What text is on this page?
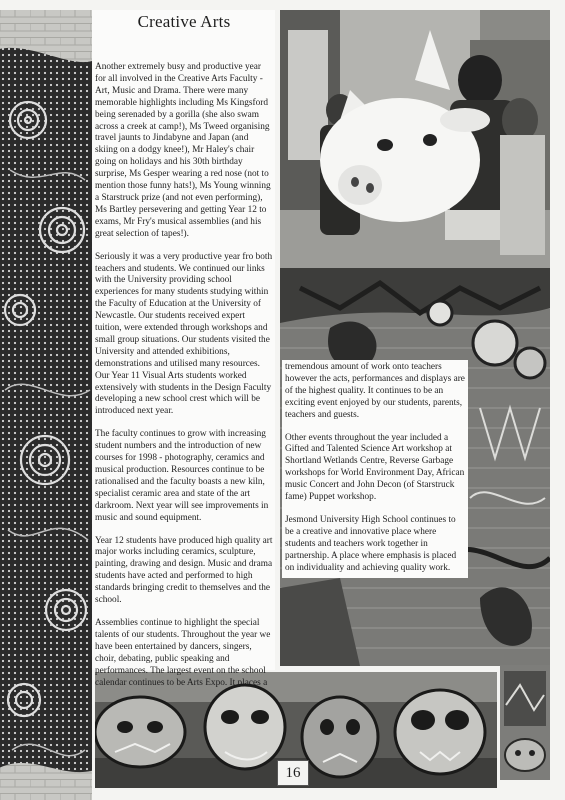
Creative Arts

Another extremely busy and productive year for all involved in the Creative Arts Faculty - Art, Music and Drama. There were many memorable highlights including Ms Kingsford being serenaded by a gorilla (she also swam across a creek at camp!), Ms Tweed organising travel jaunts to Jindabyne and Japan (and skiing on a dodgy knee!), Mr Haley's chair going on holidays and his 30th birthday surprise, Ms Gesper wearing a red nose (not to mention those funny hats!), Ms Young winning a Starstruck prize (and not even performing), Ms Bartley persevering and getting Year 12 to exams, Mr Fry's musical assemblies (and his great selection of tapes!).

Seriously it was a very productive year fro both teachers and students. We continued our links with the University providing school experiences for many students studying within the Faculty of Education at the University of Newcastle. Our students received expert tuition, were extended through workshops and small group situations. Our students visited the University and attended exhibitions, demonstrations and utilised many resources. Our Year 11 Visual Arts students worked extensively with students in the Design Faculty developing a new school crest which will be introduced next year.

The faculty continues to grow with increasing student numbers and the introduction of new courses for 1998 - photography, ceramics and musical production. Resources continue to be rationalised and the faculty boasts a new kiln, specialist ceramic area and state of the art darkroom. Next year will see improvements in music and sound equipment.

Year 12 students have produced high quality art major works including ceramics, sculpture, painting, drawing and design. Music and drama students have acted and performed to high standards bringing credit to themselves and the school.

Assemblies continue to highlight the special talents of our students. Throughout the year we have been entertained by dancers, singers, choir, debating, public speaking and performances. The largest event on the school calendar continues to be Arts Expo. It places a

tremendous amount of work onto teachers however the acts, performances and displays are of the highest quality. It continues to be an exciting event enjoyed by our students, parents, teachers and guests.

Other events throughout the year included a Gifted and Talented Science Art workshop at Shortland Wetlands Centre, Reverse Garbage workshops for World Environment Day, African music Concert and John Decon (of Starstruck fame) Puppet workshop.

Jesmond University High School continues to be a creative and innovative place where students and teachers work together in partnership. A place where emphasis is placed on individuality and achieving quality work.

16
